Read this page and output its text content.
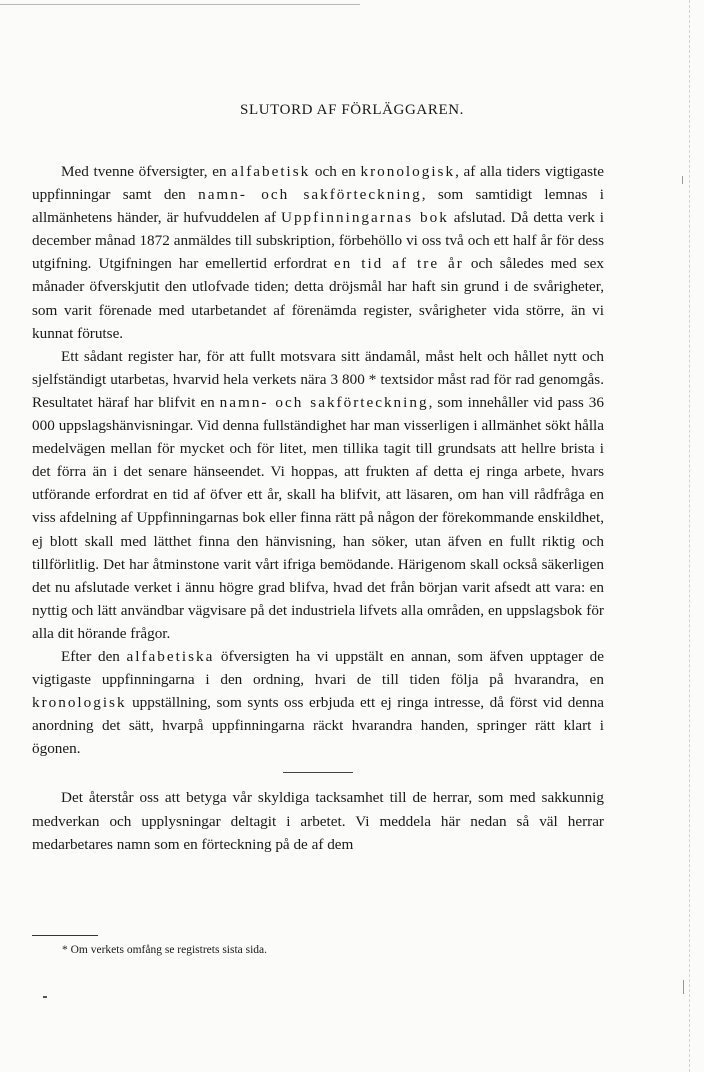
SLUTORD AF FÖRLÄGGAREN.

Med tvenne öfversigter, en alfabetisk och en kronologisk, af alla tiders vigtigaste uppfinningar samt den namn- och sakförteckning, som samtidigt lemnas i allmänhetens händer, är hufvuddelen af Uppfinningarnas bok afslutad. Då detta verk i december månad 1872 anmäldes till subskription, förbehöllo vi oss två och ett half år för dess utgifning. Utgifningen har emellertid erfordrat en tid af tre år och således med sex månader öfverskjutit den utlofvade tiden; detta dröjsmål har haft sin grund i de svårigheter, som varit förenade med utarbetandet af förenämda register, svårigheter vida större, än vi kunnat förutse.

Ett sådant register har, för att fullt motsvara sitt ändamål, måst helt och hållet nytt och sjelfständigt utarbetas, hvarvid hela verkets nära 3 800 * textsidor måst rad för rad genomgås. Resultatet häraf har blifvit en namn- och sakförteckning, som innehåller vid pass 36 000 uppslagshänvisningar. Vid denna fullständighet har man visserligen i allmänhet sökt hålla medelvägen mellan för mycket och för litet, men tillika tagit till grundsats att hellre brista i det förra än i det senare hänseendet. Vi hoppas, att frukten af detta ej ringa arbete, hvars utförande erfordrat en tid af öfver ett år, skall ha blifvit, att läsaren, om han vill rådfråga en viss afdelning af Uppfinningarnas bok eller finna rätt på någon der förekommande enskildhet, ej blott skall med lätthet finna den hänvisning, han söker, utan äfven en fullt riktig och tillförlitlig. Det har åtminstone varit vårt ifriga bemödande. Härigenom skall också säkerligen det nu afslutade verket i ännu högre grad blifva, hvad det från början varit afsedt att vara: en nyttig och lätt användbar vägvisare på det industriela lifvets alla områden, en uppslagsbok för alla dit hörande frågor.

Efter den alfabetiska öfversigten ha vi uppstält en annan, som äfven upptager de vigtigaste uppfinningarna i den ordning, hvari de till tiden följa på hvarandra, en kronologisk uppställning, som synts oss erbjuda ett ej ringa intresse, då först vid denna anordning det sätt, hvarpå uppfinningarna räckt hvarandra handen, springer rätt klart i ögonen.

Det återstår oss att betyga vår skyldiga tacksamhet till de herrar, som med sakkunnig medverkan och upplysningar deltagit i arbetet. Vi meddela här nedan så väl herrar medarbetares namn som en förteckning på de af dem

* Om verkets omfång se registrets sista sida.
